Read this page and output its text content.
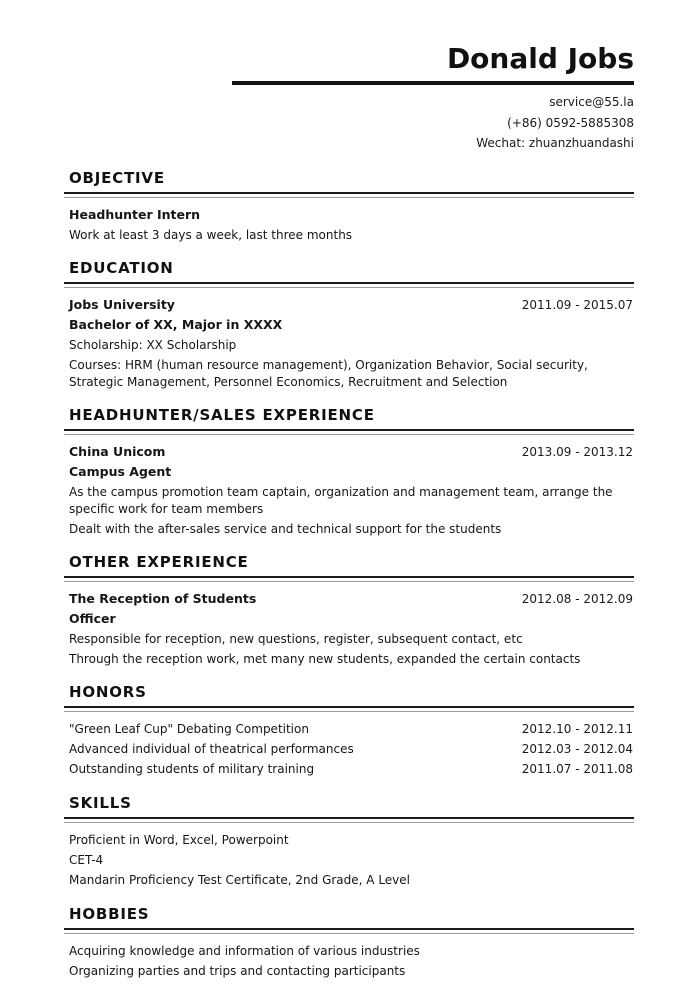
Donald Jobs
service@55.la
(+86) 0592-5885308
Wechat: zhuanzhuandashi
OBJECTIVE
Headhunter Intern

Work at least 3 days a week, last three months

EDUCATION
Jobs University	2011.09 - 2015.07
Bachelor of XX, Major in XXXX

Scholarship: XX Scholarship

Courses: HRM (human resource management), Organization Behavior, Social security, Strategic Management, Personnel Economics, Recruitment and Selection

HEADHUNTER/SALES EXPERIENCE
China Unicom	2013.09 - 2013.12
Campus Agent

As the campus promotion team captain, organization and management team, arrange the specific work for team members

Dealt with the after-sales service and technical support for the students

OTHER EXPERIENCE
The Reception of Students	2012.08 - 2012.09
Officer

Responsible for reception, new questions, register, subsequent contact, etc

Through the reception work, met many new students, expanded the certain contacts

HONORS
"Green Leaf Cup" Debating Competition	2012.10 - 2012.11
Advanced individual of theatrical performances	2012.03 - 2012.04
Outstanding students of military training	2011.07 - 2011.08
SKILLS
Proficient in Word, Excel, Powerpoint
CET-4
Mandarin Proficiency Test Certificate, 2nd Grade, A Level
HOBBIES
Acquiring knowledge and information of various industries
Organizing parties and trips and contacting participants
